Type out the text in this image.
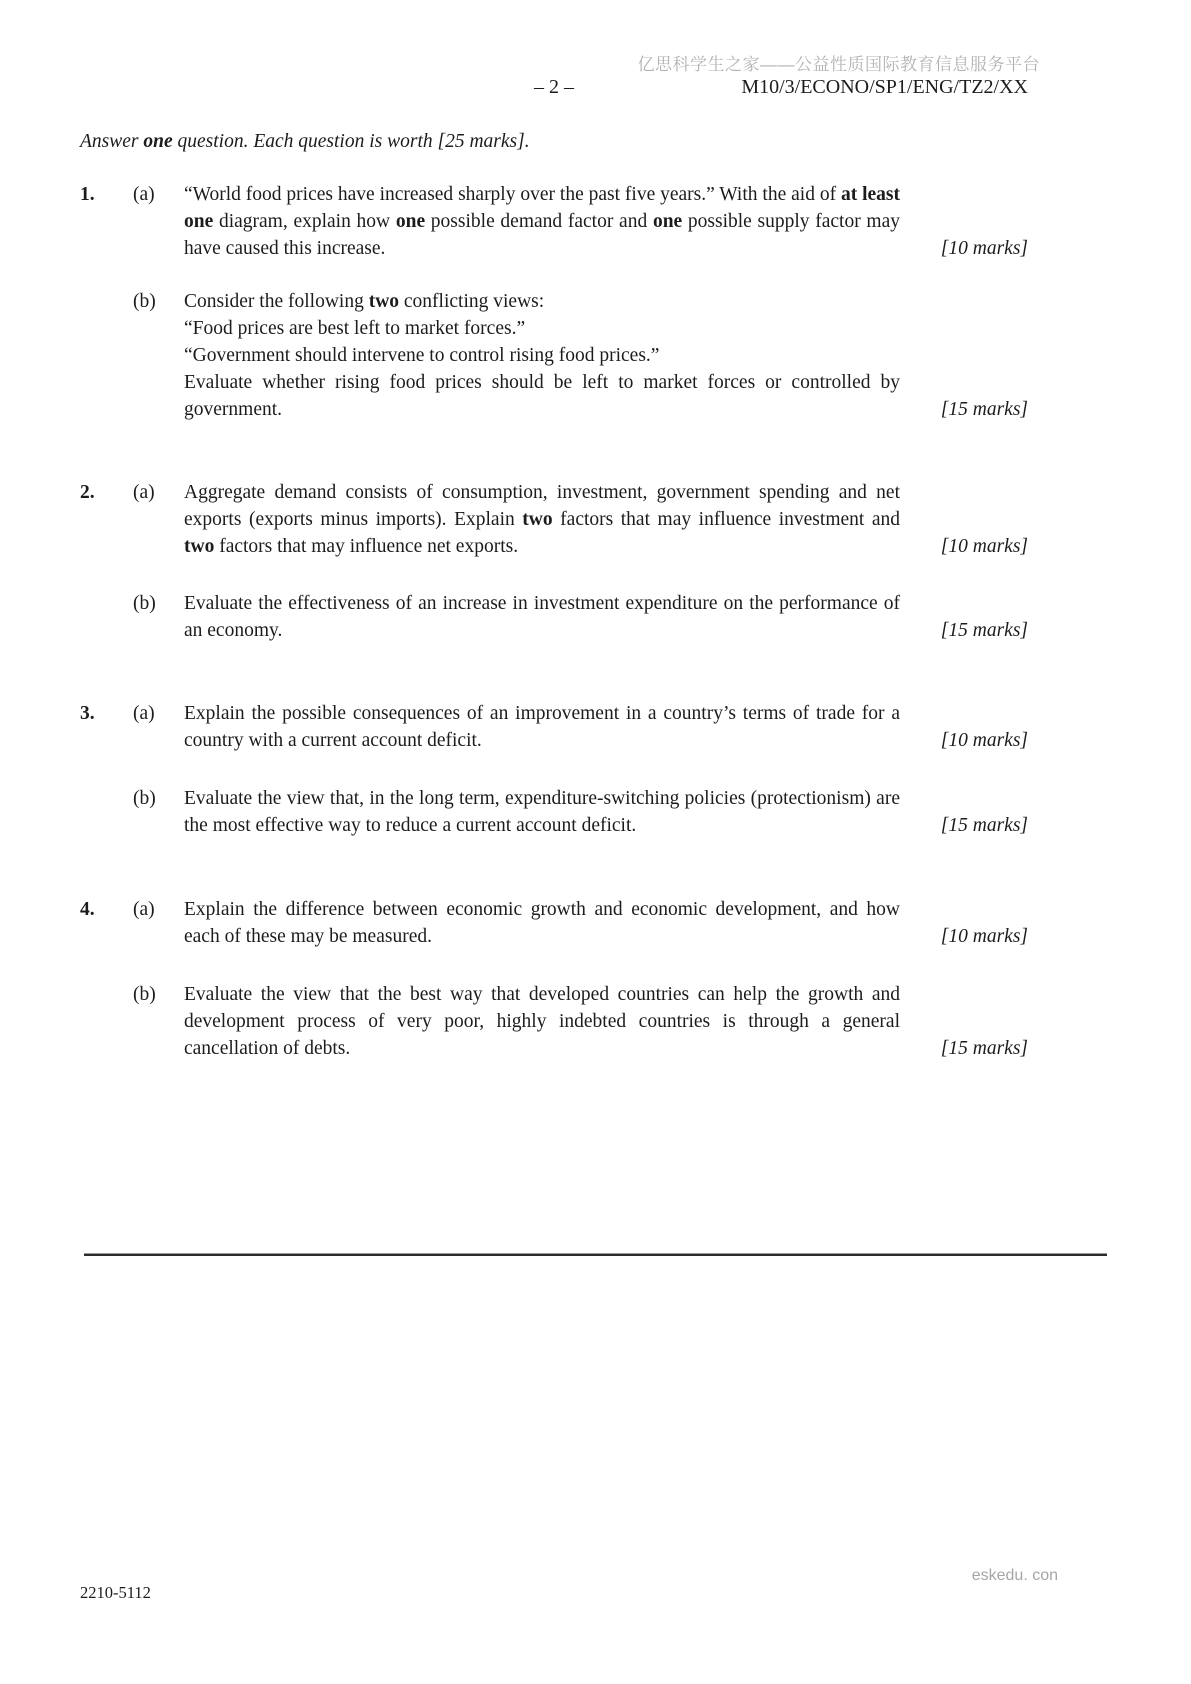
亿思科学生之家——公益性质国际教育信息服务平台
– 2 –	M10/3/ECONO/SP1/ENG/TZ2/XX
Answer one question. Each question is worth [25 marks].
1.	(a)	“World food prices have increased sharply over the past five years.” With the aid of at least one diagram, explain how one possible demand factor and one possible supply factor may have caused this increase.	[10 marks]
(b)	Consider the following two conflicting views:

“Food prices are best left to market forces.”

“Government should intervene to control rising food prices.”

Evaluate whether rising food prices should be left to market forces or controlled by government.	[15 marks]
2.	(a)	Aggregate demand consists of consumption, investment, government spending and net exports (exports minus imports). Explain two factors that may influence investment and two factors that may influence net exports.	[10 marks]
(b)	Evaluate the effectiveness of an increase in investment expenditure on the performance of an economy.	[15 marks]
3.	(a)	Explain the possible consequences of an improvement in a country’s terms of trade for a country with a current account deficit.	[10 marks]
(b)	Evaluate the view that, in the long term, expenditure-switching policies (protectionism) are the most effective way to reduce a current account deficit.	[15 marks]
4.	(a)	Explain the difference between economic growth and economic development, and how each of these may be measured.	[10 marks]
(b)	Evaluate the view that the best way that developed countries can help the growth and development process of very poor, highly indebted countries is through a general cancellation of debts.	[15 marks]
2210-5112
eskedu. con
